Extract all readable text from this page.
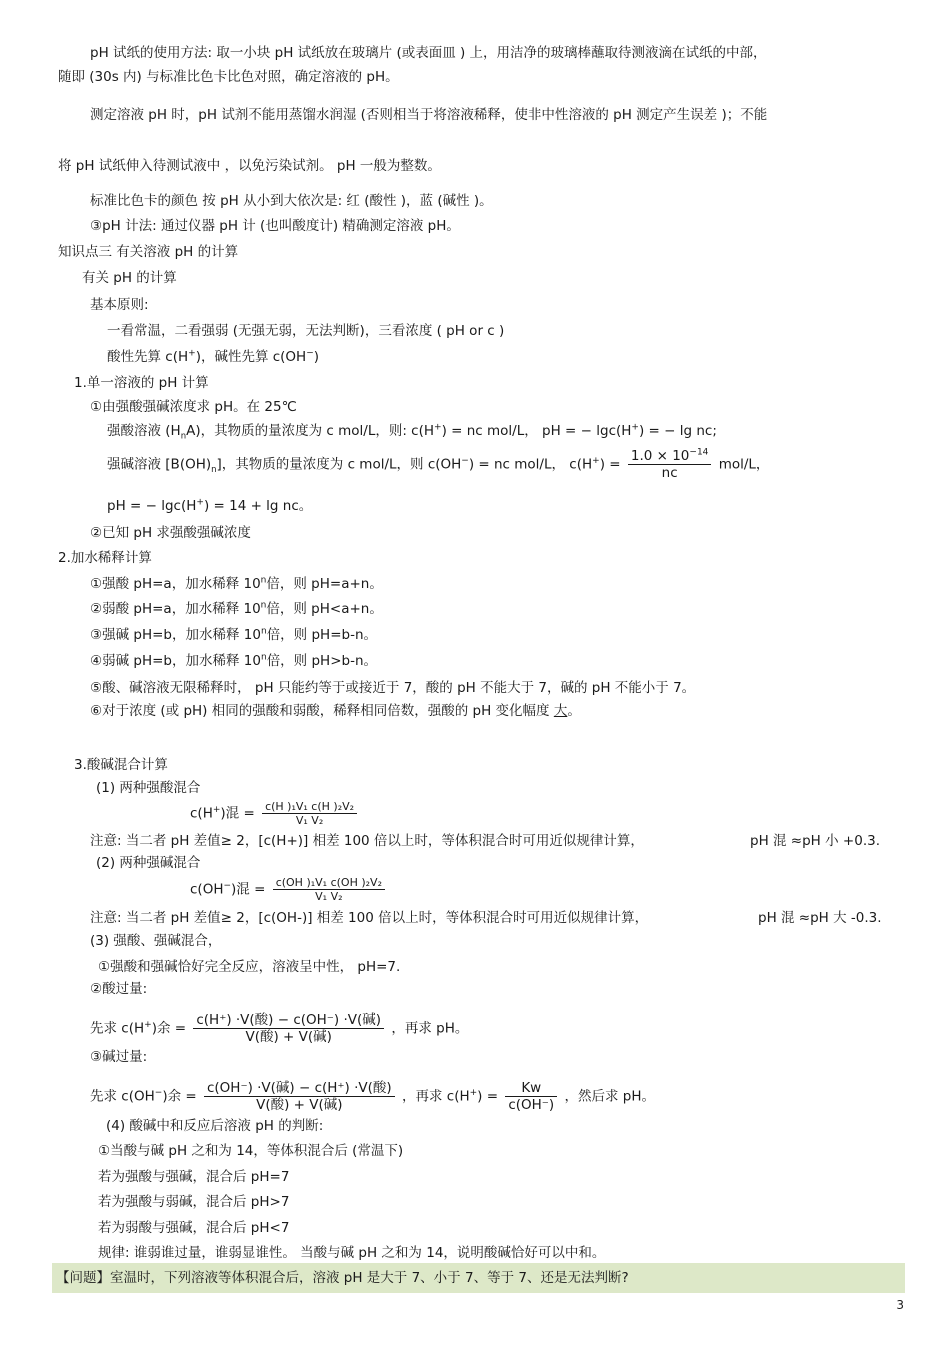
pH 试纸的使用方法: 取一小块 pH 试纸放在玻璃片 (或表面皿 ) 上，用洁净的玻璃棒蘸取待测液滴在试纸的中部，
随即 (30s 内) 与标准比色卡比色对照，确定溶液的 pH。
测定溶液 pH 时，pH 试剂不能用蒸馏水润湿 (否则相当于将溶液稀释，使非中性溶液的 pH 测定产生误差 )；不能
将 pH 试纸伸入待测试液中 ，以免污染试剂。 pH 一般为整数。
标准比色卡的颜色 按 pH 从小到大依次是: 红 (酸性 )，蓝 (碱性 )。
③pH 计法: 通过仪器 pH 计 (也叫酸度计) 精确测定溶液 pH。
知识点三 有关溶液 pH 的计算
有关 pH 的计算
基本原则:
一看常温，二看强弱 (无强无弱，无法判断)，三看浓度 ( pH or c )
酸性先算 c(H+)，碱性先算 c(OH−)
1.单一溶液的 pH 计算
①由强酸强碱浓度求 pH。在 25℃
强酸溶液 $(H_nA)$，其物质的量浓度为 c mol/L，则: c(H+) = nc mol/L， pH = − lgc(H+) = − lg nc;
强碱溶液 $[B(OH)_n]$，其物质的量浓度为 c mol/L，则 c(OH−) = nc mol/L， $c(H^+) = \frac{1.0 \times 10^{-14}}{nc} mol/L$，
pH = − lgc(H+) = 14 + lg nc。
②已知 pH 求强酸强碱浓度
2.加水稀释计算
①强酸 pH=a，加水稀释 10$^n$倍，则 pH=a+n。
②弱酸 pH=a，加水稀释 10$^n$倍，则 pH<a+n。
③强碱 pH=b，加水稀释 10$^n$倍，则 pH=b-n。
④弱碱 pH=b，加水稀释 10$^n$倍，则 pH>b-n。
⑤酸、碱溶液无限稀释时， pH 只能约等于或接近于 7，酸的 pH 不能大于 7，碱的 pH 不能小于 7。
⑥对于浓度 (或 pH) 相同的强酸和弱酸，稀释相同倍数，强酸的 pH 变化幅度 大。
3.酸碱混合计算
(1) 两种强酸混合
c(H+)混 = $\frac{\text{c(H )₁V₁ c(H )₂V₂}}{\text{V₁ V₂}}$
注意: 当二者 pH 差值≥ 2，[c(H+)] 相差 100 倍以上时，等体积混合时可用近似规律计算，	pH 混 ≈pH 小 +0.3.
(2) 两种强碱混合
c(OH−)混 = $\frac{\text{c(OH )₁V₁ c(OH )₂V₂}}{\text{V₁ V₂}}$
注意: 当二者 pH 差值≥ 2，[c(OH-)] 相差 100 倍以上时，等体积混合时可用近似规律计算，	pH 混 ≈pH 大 -0.3.
(3) 强酸、强碱混合，
①强酸和强碱恰好完全反应，溶液呈中性， pH=7.
②酸过量:
先求 c(H+)余 = $\frac{\text{c(H⁺) ·V(酸) − c(OH⁻) ·V(碱)}}{\text{V(酸) + V(碱)}}$ ，再求 pH。
③碱过量:
先求 c(OH−)余 = $\frac{\text{c(OH⁻) ·V(碱) − c(H⁺) ·V(酸)}}{\text{V(酸) + V(碱)}}$ ，再求 $c(H^+) = \frac{Kw}{c(OH^-)}$ ，然后求 pH。
(4) 酸碱中和反应后溶液 pH 的判断:
①当酸与碱 pH 之和为 14，等体积混合后 (常温下)
若为强酸与强碱，混合后 pH=7
若为强酸与弱碱，混合后 pH>7
若为弱酸与强碱，混合后 pH<7
规律: 谁弱谁过量，谁弱显谁性。 当酸与碱 pH 之和为 14，说明酸碱恰好可以中和。
【问题】室温时，下列溶液等体积混合后，溶液 pH 是大于 7、小于 7、等于 7、还是无法判断?
3
